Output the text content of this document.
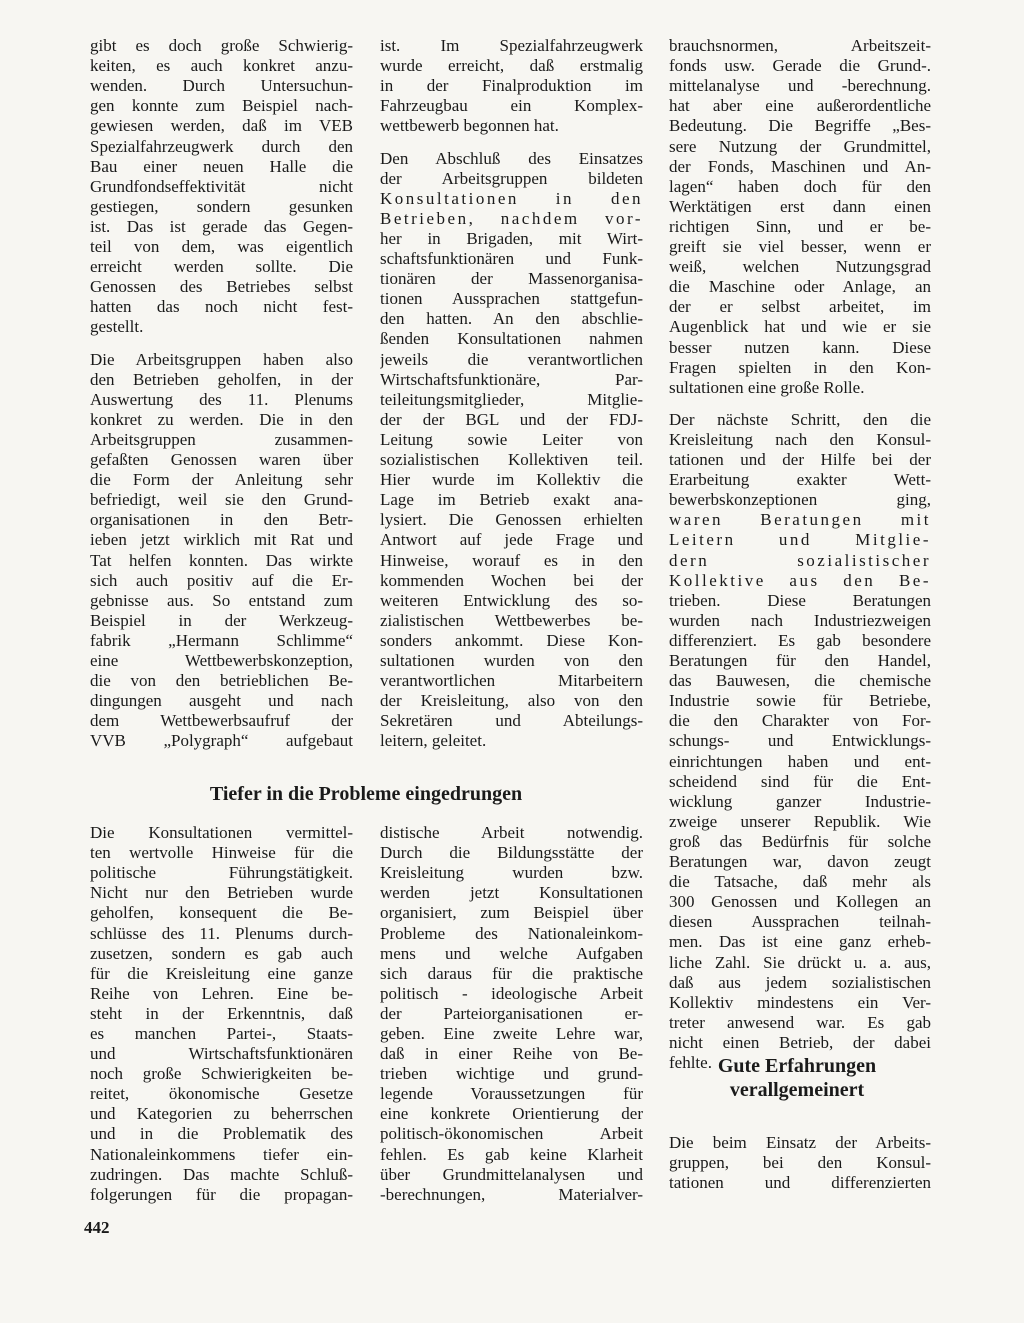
gibt es doch große Schwierig-
keiten, es auch konkret anzu-
wenden. Durch Untersuchun-
gen konnte zum Beispiel nach-
gewiesen werden, daß im VEB
Spezialfahrzeugwerk durch den
Bau einer neuen Halle die
Grundfondseffektivität nicht
gestiegen, sondern gesunken
ist. Das ist gerade das Gegen-
teil von dem, was eigentlich
erreicht werden sollte. Die
Genossen des Betriebes selbst
hatten das noch nicht fest-
gestellt.
Die Arbeitsgruppen haben also
den Betrieben geholfen, in der
Auswertung des 11. Plenums
konkret zu werden. Die in den
Arbeitsgruppen zusammen-
gefaßten Genossen waren über
die Form der Anleitung sehr
befriedigt, weil sie den Grund-
organisationen in den Betr-
ieben jetzt wirklich mit Rat und
Tat helfen konnten. Das wirkte
sich auch positiv auf die Er-
gebnisse aus. So entstand zum
Beispiel in der Werkzeug-
fabrik „Hermann Schlimme“
eine Wettbewerbskonzeption,
die von den betrieblichen Be-
dingungen ausgeht und nach
dem Wettbewerbsaufruf der
VVB „Polygraph“ aufgebaut
ist. Im Spezialfahrzeugwerk
wurde erreicht, daß erstmalig
in der Finalproduktion im
Fahrzeugbau ein Komplex-
wettbewerb begonnen hat.
Den Abschluß des Einsatzes
der Arbeitsgruppen bildeten
Konsultationen in den
Betrieben, nachdem vor-
her in Brigaden, mit Wirt-
schaftsfunktionären und Funk-
tionären der Massenorganisa-
tionen Aussprachen stattgefun-
den hatten. An den abschlie-
ßenden Konsultationen nahmen
jeweils die verantwortlichen
Wirtschaftsfunktionäre, Par-
teileitungsmitglieder, Mitglie-
der der BGL und der FDJ-
Leitung sowie Leiter von
sozialistischen Kollektiven teil.
Hier wurde im Kollektiv die
Lage im Betrieb exakt ana-
lysiert. Die Genossen erhielten
Antwort auf jede Frage und
Hinweise, worauf es in den
kommenden Wochen bei der
weiteren Entwicklung des so-
zialistischen Wettbewerbes be-
sonders ankommt. Diese Kon-
sultationen wurden von den
verantwortlichen Mitarbeitern
der Kreisleitung, also von den
Sekretären und Abteilungs-
leitern, geleitet.
brauchsnormen, Arbeitszeit-
fonds usw. Gerade die Grund-.
mittelanalyse und -berechnung.
hat aber eine außerordentliche
Bedeutung. Die Begriffe „Bes-
sere Nutzung der Grundmittel,
der Fonds, Maschinen und An-
lagen“ haben doch für den
Werktätigen erst dann einen
richtigen Sinn, und er be-
greift sie viel besser, wenn er
weiß, welchen Nutzungsgrad
die Maschine oder Anlage, an
der er selbst arbeitet, im
Augenblick hat und wie er sie
besser nutzen kann. Diese
Fragen spielten in den Kon-
sultationen eine große Rolle.
Der nächste Schritt, den die
Kreisleitung nach den Konsul-
tationen und der Hilfe bei der
Erarbeitung exakter Wett-
bewerbskonzeptionen ging,
waren Beratungen mit
Leitern und Mitglie-
dern sozialistischer
Kollektive aus den Be-
trieben. Diese Beratungen
wurden nach Industriezweigen
differenziert. Es gab besondere
Beratungen für den Handel,
das Bauwesen, die chemische
Industrie sowie für Betriebe,
die den Charakter von For-
schungs- und Entwicklungs-
einrichtungen haben und ent-
scheidend sind für die Ent-
wicklung ganzer Industrie-
zweige unserer Republik. Wie
groß das Bedürfnis für solche
Beratungen war, davon zeugt
die Tatsache, daß mehr als
300 Genossen und Kollegen an
diesen Aussprachen teilnah-
men. Das ist eine ganz erheb-
liche Zahl. Sie drückt u. a. aus,
daß aus jedem sozialistischen
Kollektiv mindestens ein Ver-
treter anwesend war. Es gab
nicht einen Betrieb, der dabei
fehlte.
Tiefer in die Probleme eingedrungen
Die Konsultationen vermittel-
ten wertvolle Hinweise für die
politische Führungstätigkeit.
Nicht nur den Betrieben wurde
geholfen, konsequent die Be-
schlüsse des 11. Plenums durch-
zusetzen, sondern es gab auch
für die Kreisleitung eine ganze
Reihe von Lehren. Eine be-
steht in der Erkenntnis, daß
es manchen Partei-, Staats-
und Wirtschaftsfunktionären
noch große Schwierigkeiten be-
reitet, ökonomische Gesetze
und Kategorien zu beherrschen
und in die Problematik des
Nationaleinkommens tiefer ein-
zudringen. Das machte Schluß-
folgerungen für die propagan-
distische Arbeit notwendig.
Durch die Bildungsstätte der
Kreisleitung wurden bzw.
werden jetzt Konsultationen
organisiert, zum Beispiel über
Probleme des Nationaleinkom-
mens und welche Aufgaben
sich daraus für die praktische
politisch - ideologische Arbeit
der Parteiorganisationen er-
geben. Eine zweite Lehre war,
daß in einer Reihe von Be-
trieben wichtige und grund-
legende Voraussetzungen für
eine konkrete Orientierung der
politisch-ökonomischen Arbeit
fehlen. Es gab keine Klarheit
über Grundmittelanalysen und
-berechnungen, Materialver-
Gute Erfahrungen
verallgemeinert
Die beim Einsatz der Arbeits-
gruppen, bei den Konsul-
tationen und differenzierten
442
